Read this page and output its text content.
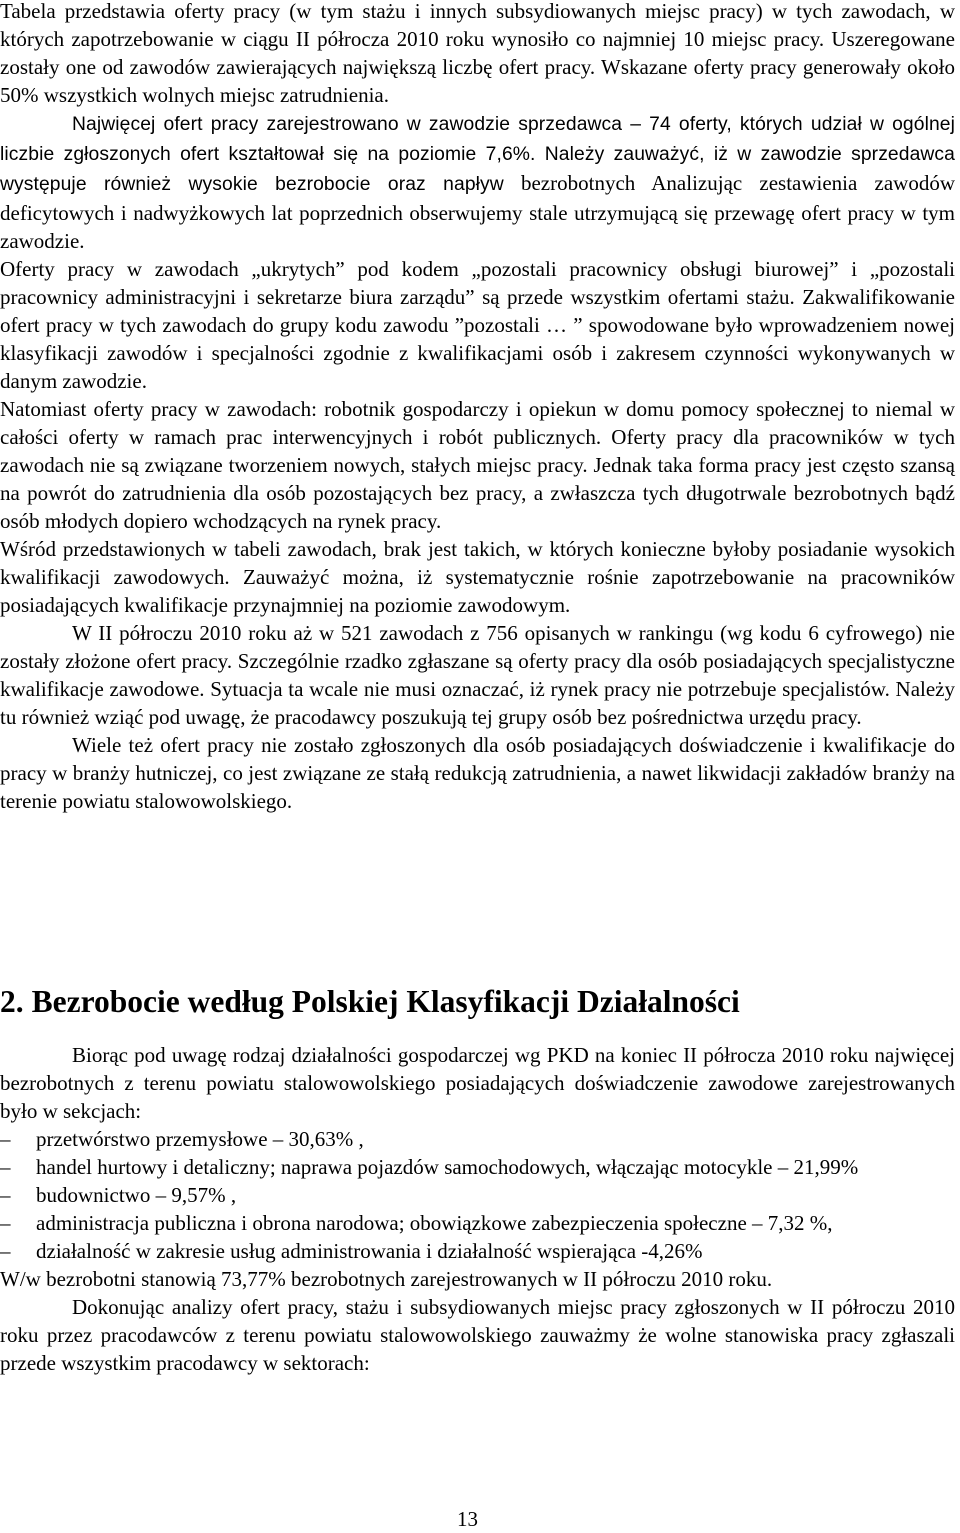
Tabela przedstawia oferty pracy (w tym stażu i innych subsydiowanych miejsc pracy) w tych zawodach, w których zapotrzebowanie w ciągu II półrocza 2010 roku wynosiło co najmniej 10 miejsc pracy. Uszeregowane zostały one od zawodów zawierających największą liczbę ofert pracy. Wskazane oferty pracy generowały około 50% wszystkich wolnych miejsc zatrudnienia.

Najwięcej ofert pracy zarejestrowano w zawodzie sprzedawca – 74 oferty, których udział w ogólnej liczbie zgłoszonych ofert kształtował się na poziomie 7,6%. Należy zauważyć, iż w zawodzie sprzedawca występuje również wysokie bezrobocie oraz napływ bezrobotnych Analizując zestawienia zawodów deficytowych i nadwyżkowych lat poprzednich obserwujemy stale utrzymującą się przewagę ofert pracy w tym zawodzie.

Oferty pracy w zawodach „ukrytych” pod kodem „pozostali pracownicy obsługi biurowej” i „pozostali pracownicy administracyjni i sekretarze biura zarządu” są przede wszystkim ofertami stażu. Zakwalifikowanie ofert pracy w tych zawodach do grupy kodu zawodu ”pozostali … ” spowodowane było wprowadzeniem nowej klasyfikacji zawodów i specjalności zgodnie z kwalifikacjami osób i zakresem czynności wykonywanych w danym zawodzie.

Natomiast oferty pracy w zawodach: robotnik gospodarczy i opiekun w domu pomocy społecznej to niemal w całości oferty w ramach prac interwencyjnych i robót publicznych. Oferty pracy dla pracowników w tych zawodach nie są związane tworzeniem nowych, stałych miejsc pracy. Jednak taka forma pracy jest często szansą na powrót do zatrudnienia dla osób pozostających bez pracy, a zwłaszcza tych długotrwale bezrobotnych bądź osób młodych dopiero wchodzących na rynek pracy.

Wśród przedstawionych w tabeli zawodach, brak jest takich, w których konieczne byłoby posiadanie wysokich kwalifikacji zawodowych. Zauważyć można, iż systematycznie rośnie zapotrzebowanie na pracowników posiadających kwalifikacje przynajmniej na poziomie zawodowym.

W II półroczu 2010 roku aż w 521 zawodach z 756 opisanych w rankingu (wg kodu 6 cyfrowego) nie zostały złożone ofert pracy. Szczególnie rzadko zgłaszane są oferty pracy dla osób posiadających specjalistyczne kwalifikacje zawodowe. Sytuacja ta wcale nie musi oznaczać, iż rynek pracy nie potrzebuje specjalistów. Należy tu również wziąć pod uwagę, że pracodawcy poszukują tej grupy osób bez pośrednictwa urzędu pracy.

Wiele też ofert pracy nie zostało zgłoszonych dla osób posiadających doświadczenie i kwalifikacje do pracy w branży hutniczej, co jest związane ze stałą redukcją zatrudnienia, a nawet likwidacji zakładów branży na terenie powiatu stalowowolskiego.

2. Bezrobocie według Polskiej Klasyfikacji Działalności

Biorąc pod uwagę rodzaj działalności gospodarczej wg PKD na koniec II półrocza 2010 roku najwięcej bezrobotnych z terenu powiatu stalowowolskiego posiadających doświadczenie zawodowe zarejestrowanych było w sekcjach:

– przetwórstwo przemysłowe – 30,63% ,
– handel hurtowy i detaliczny; naprawa pojazdów samochodowych, włączając motocykle – 21,99%
– budownictwo – 9,57% ,
– administracja publiczna i obrona narodowa; obowiązkowe zabezpieczenia społeczne – 7,32 %,
– działalność w zakresie usług administrowania i działalność wspierająca -4,26%

W/w bezrobotni stanowią 73,77% bezrobotnych zarejestrowanych w II półroczu 2010 roku.

Dokonując analizy ofert pracy, stażu i subsydiowanych miejsc pracy zgłoszonych w II półroczu 2010 roku przez pracodawców z terenu powiatu stalowowolskiego zauważmy że wolne stanowiska pracy zgłaszali przede wszystkim pracodawcy w sektorach:

13
